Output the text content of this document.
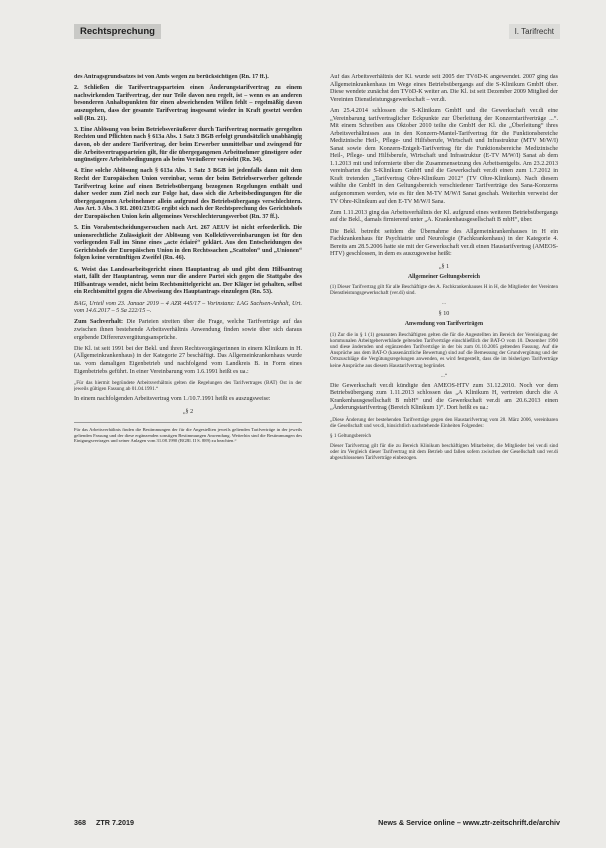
Rechtsprechung	I. Tarifrecht

des Antragsgrundsatzes ist von Amts wegen zu berücksichtigen (Rn. 17 ff.).

2. Schließen die Tarifvertragsparteien einen Änderungstarifvertrag zu einem nachwirkenden Tarifvertrag, der nur Teile davon neu regelt, ist – wenn es an anderen besonderen Anhaltspunkten für einen abweichenden Willen fehlt – regelmäßig davon auszugehen, dass der gesamte Tarifvertrag insgesamt wieder in Kraft gesetzt werden soll (Rn. 21).

3. Eine Ablösung von beim Betriebsveräußerer durch Tarifvertrag normativ geregelten Rechten und Pflichten nach § 613a Abs. 1 Satz 3 BGB erfolgt grundsätzlich unabhängig davon, ob der andere Tarifvertrag, der beim Erwerber unmittelbar und zwingend für die Arbeitsvertragsparteien gilt, für die übergegangenen Arbeitnehmer günstigere oder ungünstigere Arbeitsbedingungen als beim Veräußerer vorsieht (Rn. 34).

4. Eine solche Ablösung nach § 613a Abs. 1 Satz 3 BGB ist jedenfalls dann mit dem Recht der Europäischen Union vereinbar, wenn der beim Betriebserwerber geltende Tarifvertrag keine auf einen Betriebsübergang bezogenen Regelungen enthält und daher weder zum Ziel noch zur Folge hat, dass sich die Arbeitsbedingungen für die übergegangenen Arbeitnehmer allein aufgrund des Betriebsübergangs verschlechtern. Aus Art. 3 Abs. 3 RL 2001/23/EG ergibt sich nach der Rechtsprechung des Gerichtshofs der Europäischen Union kein allgemeines Verschlechterungsverbot (Rn. 37 ff.).

5. Ein Vorabentscheidungsersuchen nach Art. 267 AEUV ist nicht erforderlich. Die unionsrechtliche Zulässigkeit der Ablösung von Kollektivvereinbarungen ist für den vorliegenden Fall im Sinne eines „acte éclairé“ geklärt. Aus den Entscheidungen des Gerichtshofs der Europäischen Union in den Rechtssachen „Scattolon“ und „Unionen“ folgen keine vernünftigen Zweifel (Rn. 46).

6. Weist das Landesarbeitsgericht einen Hauptantrag ab und gibt dem Hilfsantrag statt, fällt der Hauptantrag, wenn nur die andere Partei sich gegen die Stattgabe des Hilfsantrags wendet, nicht beim Rechtsmittelgericht an. Der Kläger ist gehalten, selbst ein Rechtsmittel gegen die Abweisung des Hauptantrags einzulegen (Rn. 53).

BAG, Urteil vom 23. Januar 2019 – 4 AZR 445/17 – Vorinstanz: LAG Sachsen-Anhalt, Urt. vom 14.6.2017 – 5 Sa 222/15 –.

Zum Sachverhalt: Die Parteien streiten über die Frage, welche Tarifverträge auf das zwischen ihnen bestehende Arbeitsverhältnis Anwendung finden sowie über sich daraus ergebende Differenzvergütungsansprüche.

Die Kl. ist seit 1991 bei der Bekl. und ihren Rechtsvorgängerinnen in einem Klinikum in H. (Allgemeinkrankenhaus) in der Kategorie 27 beschäftigt. Das Allgemeinkrankenhaus wurde ua. vom damaligen Eigenbetrieb und nachfolgend vom Landkreis B. in Form eines Eigenbetriebs geführt. In einer Vereinbarung vom 1.6.1991 heißt es ua.:

„Für das hiermit begründete Arbeitsverhältnis gelten die Regelungen des Tarifvertrages (BAT) Ost in der jeweils gültigen Fassung ab 01.04.1991.“

In einem nachfolgenden Arbeitsvertrag vom 1./10.7.1991 heißt es auszugsweise:

„§ 2

Für das Arbeitsverhältnis finden die Bestimmungen der für die Angestellten jeweils geltenden Tarifverträge in der jeweils geltenden Fassung und der diese ergänzenden sonstigen Bestimmungen Anwendung. Weiterhin sind die Bestimmungen des Einigungsvertrages und seiner Anlagen vom 31.08.1990 (BGBl. II S. 889) zu beachten.“

Auf das Arbeitsverhältnis der Kl. wurde seit 2005 der TVöD-K angewendet. 2007 ging das Allgemeinkrankenhaus im Wege eines Betriebsübergangs auf die S-Klinikum GmbH über. Diese wendete zunächst den TVöD-K weiter an. Die Kl. ist seit Dezember 2009 Mitglied der Vereinten Dienstleistungsgewerkschaft – ver.di.

Am 25.4.2014 schlossen die S-Klinikum GmbH und die Gewerkschaft ver.di eine „Vereinbarung tarifvertraglicher Eckpunkte zur Überleitung der Konzerntarifverträge ...“. Mit einem Schreiben aus Oktober 2010 teilte die GmbH der Kl. die „Überleitung“ ihres Arbeitsverhältnisses aus in den Konzern-Mantel-Tarifvertrag für die Funktionsbereiche Medizinische Heil-, Pflege- und Hilfsberufe, Wirtschaft und Infrastruktur (MTV M/W/I) Sanat sowie dem Konzern-Entgelt-Tarifvertrag für die Funktionsbereiche Medizinische Heil-, Pflege- und Hilfsberufe, Wirtschaft und Infrastruktur (E-TV M/W/I) Sanat ab dem 1.1.2013 mit und informierte über die Zusammensetzung des Arbeitsentgelts. Am 23.2.2013 vereinbarten die S-Klinikum GmbH und die Gewerkschaft ver.di einen zum 1.7.2012 in Kraft tretenden „Tarifvertrag Ohre-Klinikum 2012“ (TV Ohre-Klinikum). Nach diesem wählte die GmbH in den Geltungsbereich verschiedener Tarifverträge des Sana-Konzerns aufgenommen werden, wie es für den M-TV M/W/I Sanat geschah. Weiterhin verweist der TV Ohre-Klinikum auf den E-TV M/W/I Sana.

Zum 1.11.2013 ging das Arbeitsverhältnis der Kl. aufgrund eines weiteren Betriebsübergangs auf die Bekl., damals firmierend unter „A. Krankenhausgesellschaft B mbH“, über.

Die Bekl. betreibt seitdem die Übernahme des Allgemeinkrankenhauses in H ein Fachkrankenhaus für Psychiatrie und Neurologie (Fachkrankenhaus) in der Kategorie 4. Bereits am 28.5.2006 hatte sie mit der Gewerkschaft ver.di einen Haustarifvertrag (AMEOS-HTV) geschlossen, in dem es auszugsweise heißt:

„§ 1
Allgemeiner Geltungsbereich

(1) Dieser Tarifvertrag gilt für alle Beschäftigte des A. Fachkrankenhauses H in H, die Mitglieder der Vereinten Dienstleistungsgewerkschaft (ver.di) sind.

...

§ 10
Anwendung von Tarifverträgen

(1) Zur die in § 1 (1) genannten Beschäftigten gelten die für die Angestellten im Bereich der Vereinigung der kommunalen Arbeitgeberverbände geltenden Tarifverträge einschließlich der BAT-O vom 10. Dezember 1990 und diese ändernden und ergänzenden Tarifverträge in der bis zum 01.10.2005 geltenden Fassung. Auf die Ansprüche aus dem BAT-O (kassenärztliche Bewertung) sind auf die Bemessung der Grundvergütung und der Ortszuschläge die Vergütungsregelungen anwenden, es wird festgestellt, dass die im bisherigen Tarifverträge keine Ansprüche aus diesem Haustarifvertrag begründet.

...“

Die Gewerkschaft ver.di kündigte den AMEOS-HTV zum 31.12.2010. Noch vor dem Betriebsübergang zum 1.11.2013 schlossen das „A Klinikum H, vertreten durch die A Krankenhausgesellschaft B mbH“ und die Gewerkschaft ver.di am 20.6.2013 einen „Änderungstarifvertrag (Bereich Klinikum 1)“. Dort heißt es ua.:

„Diese Änderung der bestehenden Tarifverträge gegen den Haustarifvertrag vom 28. März 2006, vereinbaren die Gesellschaft und ver.di, hinsichtlich nachstehende Einheiten Folgendes:

§ 1 Geltungsbereich

Dieser Tarifvertrag gilt für die zu Bereich Klinikum beschäftigten Mitarbeiter, die Mitglieder bei ver.di sind oder im Vergleich dieser Tarifvertrag mit dem Betrieb und fallen sofern zwischen der Gesellschaft und ver.di abgeschlossenen Tarifverträge einbezogen.

368 ZTR 7.2019	News & Service online – www.ztr-zeitschrift.de/archiv
